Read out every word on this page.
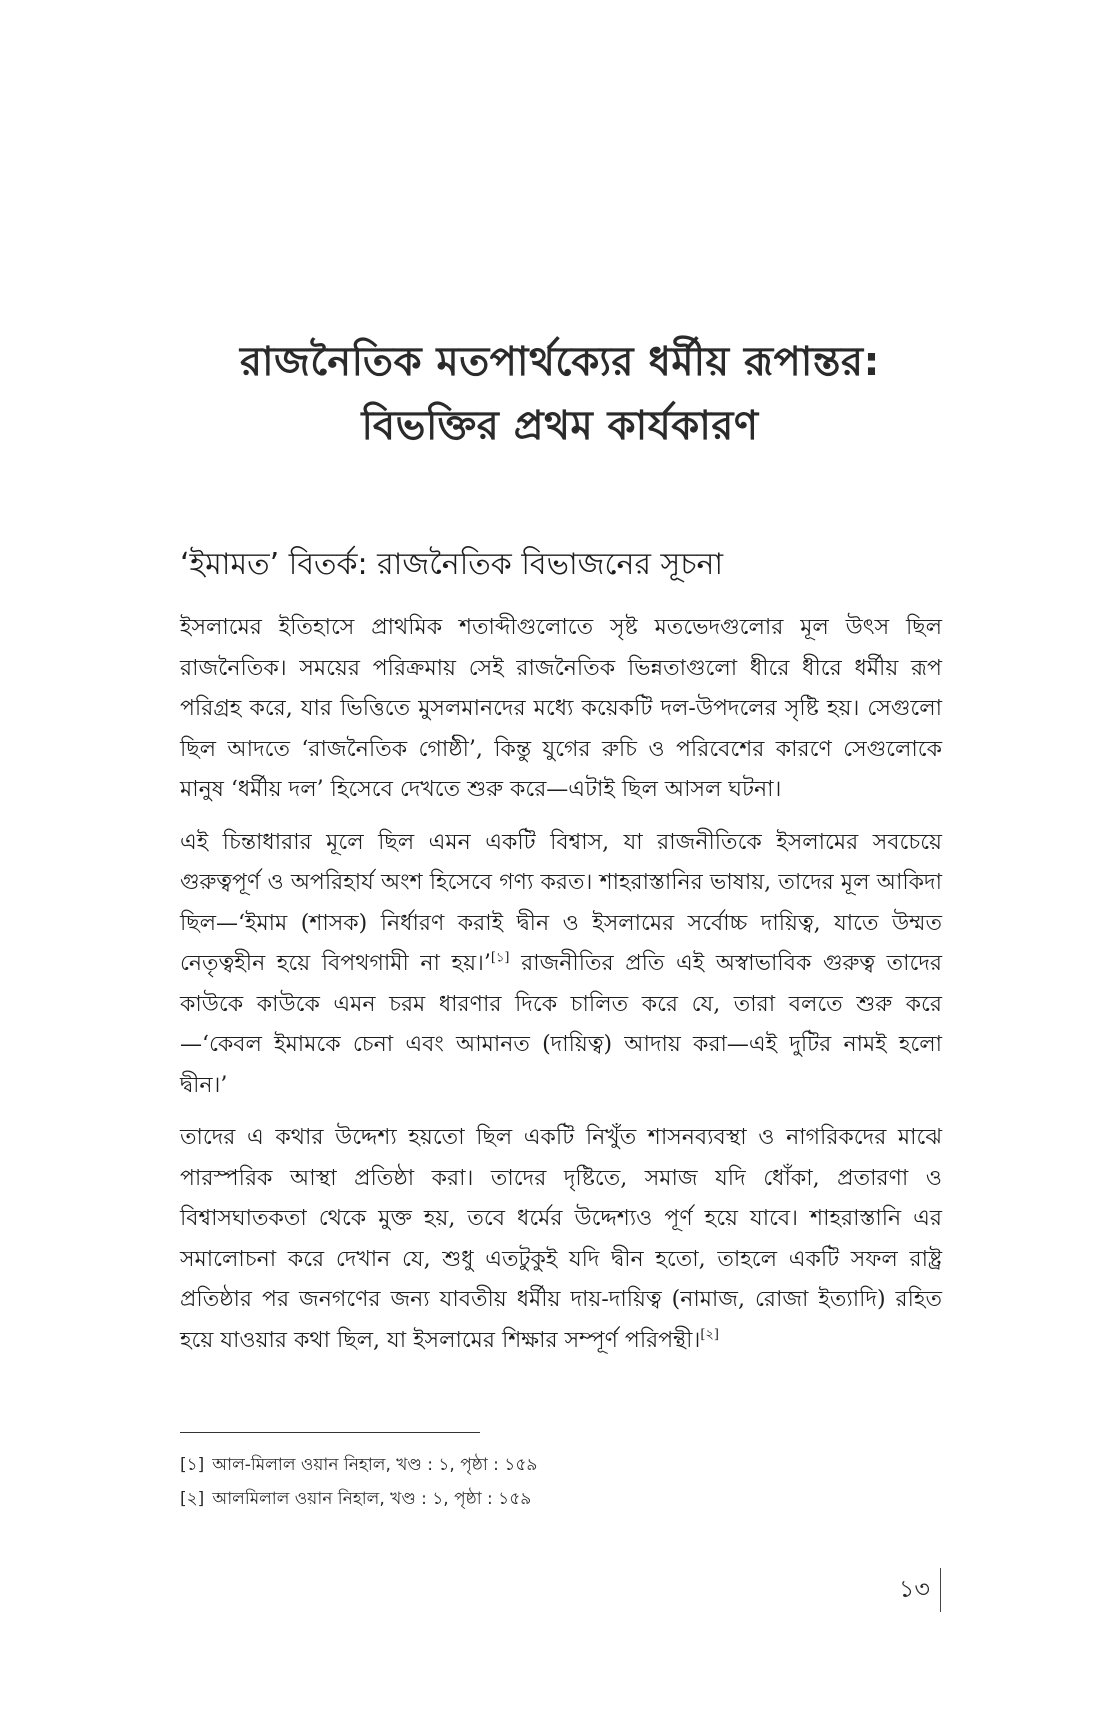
রাজনৈতিক মতপার্থক্যের ধর্মীয় রূপান্তর:
বিভক্তির প্রথম কার্যকারণ
‘ইমামত’ বিতর্ক: রাজনৈতিক বিভাজনের সূচনা

ইসলামের ইতিহাসে প্রাথমিক শতাব্দীগুলোতে সৃষ্ট মতভেদগুলোর মূল উৎস ছিল রাজনৈতিক। সময়ের পরিক্রমায় সেই রাজনৈতিক ভিন্নতাগুলো ধীরে ধীরে ধর্মীয় রূপ পরিগ্রহ করে, যার ভিত্তিতে মুসলমানদের মধ্যে কয়েকটি দল-উপদলের সৃষ্টি হয়। সেগুলো ছিল আদতে ‘রাজনৈতিক গোষ্ঠী’, কিন্তু যুগের রুচি ও পরিবেশের কারণে সেগুলোকে মানুষ ‘ধর্মীয় দল’ হিসেবে দেখতে শুরু করে—এটাই ছিল আসল ঘটনা।

এই চিন্তাধারার মূলে ছিল এমন একটি বিশ্বাস, যা রাজনীতিকে ইসলামের সবচেয়ে গুরুত্বপূর্ণ ও অপরিহার্য অংশ হিসেবে গণ্য করত। শাহরাস্তানির ভাষায়, তাদের মূল আকিদা ছিল—‘ইমাম (শাসক) নির্ধারণ করাই দ্বীন ও ইসলামের সর্বোচ্চ দায়িত্ব, যাতে উম্মত নেতৃত্বহীন হয়ে বিপথগামী না হয়।’[১] রাজনীতির প্রতি এই অস্বাভাবিক গুরুত্ব তাদের কাউকে কাউকে এমন চরম ধারণার দিকে চালিত করে যে, তারা বলতে শুরু করে—‘কেবল ইমামকে চেনা এবং আমানত (দায়িত্ব) আদায় করা—এই দুটির নামই হলো দ্বীন।’

তাদের এ কথার উদ্দেশ্য হয়তো ছিল একটি নিখুঁত শাসনব্যবস্থা ও নাগরিকদের মাঝে পারস্পরিক আস্থা প্রতিষ্ঠা করা। তাদের দৃষ্টিতে, সমাজ যদি ধোঁকা, প্রতারণা ও বিশ্বাসঘাতকতা থেকে মুক্ত হয়, তবে ধর্মের উদ্দেশ্যও পূর্ণ হয়ে যাবে। শাহরাস্তানি এর সমালোচনা করে দেখান যে, শুধু এতটুকুই যদি দ্বীন হতো, তাহলে একটি সফল রাষ্ট্র প্রতিষ্ঠার পর জনগণের জন্য যাবতীয় ধর্মীয় দায়-দায়িত্ব (নামাজ, রোজা ইত্যাদি) রহিত হয়ে যাওয়ার কথা ছিল, যা ইসলামের শিক্ষার সম্পূর্ণ পরিপন্থী।[২]

[১] আল-মিলাল ওয়ান নিহাল, খণ্ড : ১, পৃষ্ঠা : ১৫৯
[২] আলমিলাল ওয়ান নিহাল, খণ্ড : ১, পৃষ্ঠা : ১৫৯
১৩
